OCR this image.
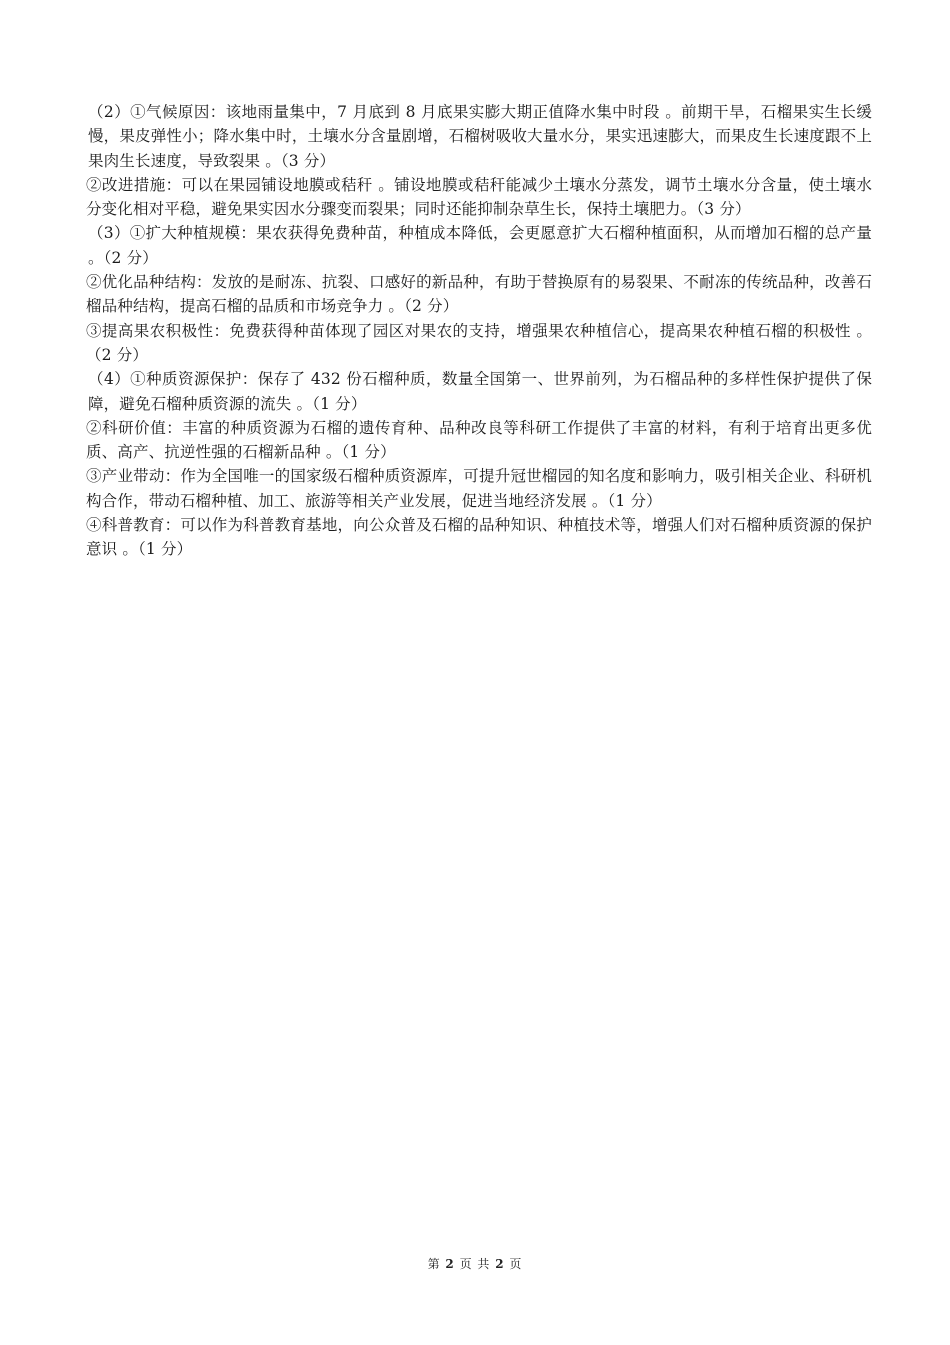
（2）①气候原因：该地雨量集中，7 月底到 8 月底果实膨大期正值降水集中时段 。前期干旱，石榴果实生长缓慢，果皮弹性小；降水集中时，土壤水分含量剧增，石榴树吸收大量水分，果实迅速膨大，而果皮生长速度跟不上果肉生长速度，导致裂果 。（3 分）

②改进措施：可以在果园铺设地膜或秸秆 。铺设地膜或秸秆能减少土壤水分蒸发，调节土壤水分含量，使土壤水分变化相对平稳，避免果实因水分骤变而裂果；同时还能抑制杂草生长，保持土壤肥力。（3 分）

（3）①扩大种植规模：果农获得免费种苗，种植成本降低，会更愿意扩大石榴种植面积，从而增加石榴的总产量 。（2 分）

②优化品种结构：发放的是耐冻、抗裂、口感好的新品种，有助于替换原有的易裂果、不耐冻的传统品种，改善石榴品种结构，提高石榴的品质和市场竞争力 。（2 分）

③提高果农积极性：免费获得种苗体现了园区对果农的支持，增强果农种植信心，提高果农种植石榴的积极性 。（2 分）

（4）①种质资源保护：保存了 432 份石榴种质，数量全国第一、世界前列，为石榴品种的多样性保护提供了保障，避免石榴种质资源的流失 。（1 分）

②科研价值：丰富的种质资源为石榴的遗传育种、品种改良等科研工作提供了丰富的材料，有利于培育出更多优质、高产、抗逆性强的石榴新品种 。（1 分）

③产业带动：作为全国唯一的国家级石榴种质资源库，可提升冠世榴园的知名度和影响力，吸引相关企业、科研机构合作，带动石榴种植、加工、旅游等相关产业发展，促进当地经济发展 。（1 分）

④科普教育：可以作为科普教育基地，向公众普及石榴的品种知识、种植技术等，增强人们对石榴种质资源的保护意识 。（1 分）

第 2 页 共 2 页
